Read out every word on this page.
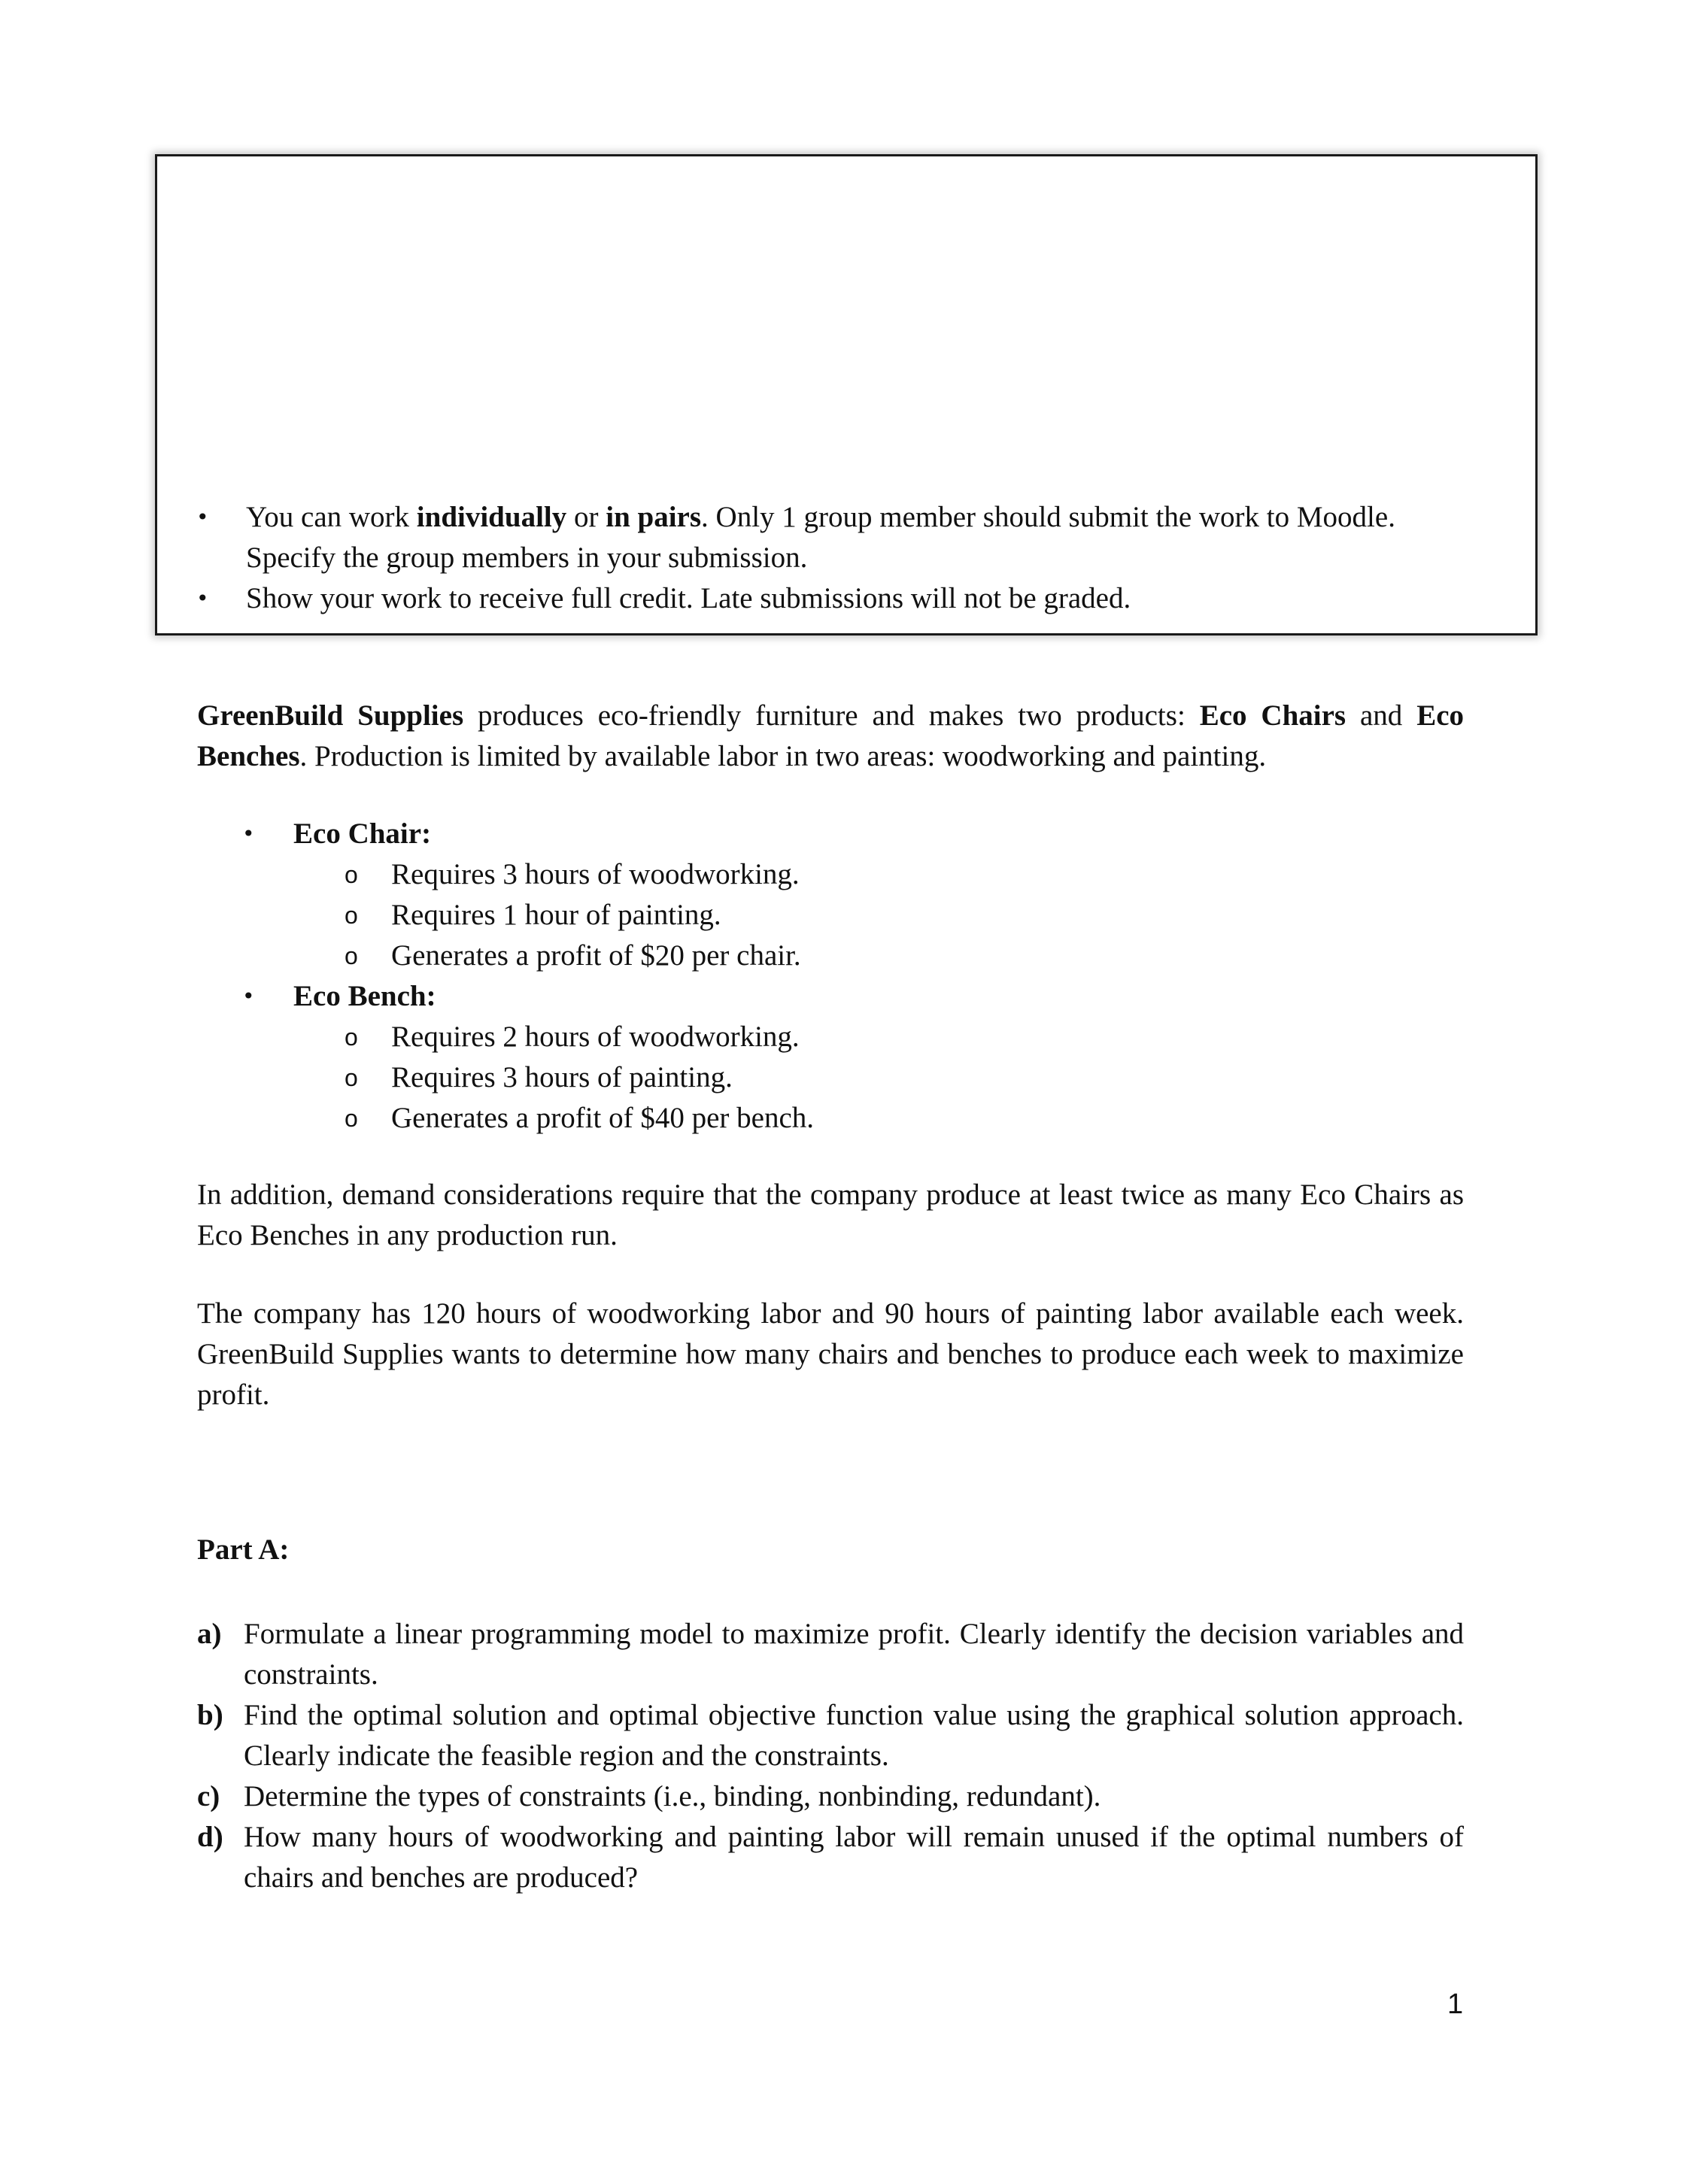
• You can work individually or in pairs. Only 1 group member should submit the work to Moodle. Specify the group members in your submission.
• Show your work to receive full credit. Late submissions will not be graded.

GreenBuild Supplies produces eco-friendly furniture and makes two products: Eco Chairs and Eco Benches. Production is limited by available labor in two areas: woodworking and painting.

• Eco Chair:
o Requires 3 hours of woodworking.
o Requires 1 hour of painting.
o Generates a profit of $20 per chair.
• Eco Bench:
o Requires 2 hours of woodworking.
o Requires 3 hours of painting.
o Generates a profit of $40 per bench.

In addition, demand considerations require that the company produce at least twice as many Eco Chairs as Eco Benches in any production run.

The company has 120 hours of woodworking labor and 90 hours of painting labor available each week. GreenBuild Supplies wants to determine how many chairs and benches to produce each week to maximize profit.

Part A:
a) Formulate a linear programming model to maximize profit. Clearly identify the decision variables and constraints.
b) Find the optimal solution and optimal objective function value using the graphical solution approach. Clearly indicate the feasible region and the constraints.
c) Determine the types of constraints (i.e., binding, nonbinding, redundant).
d) How many hours of woodworking and painting labor will remain unused if the optimal numbers of chairs and benches are produced?
1
